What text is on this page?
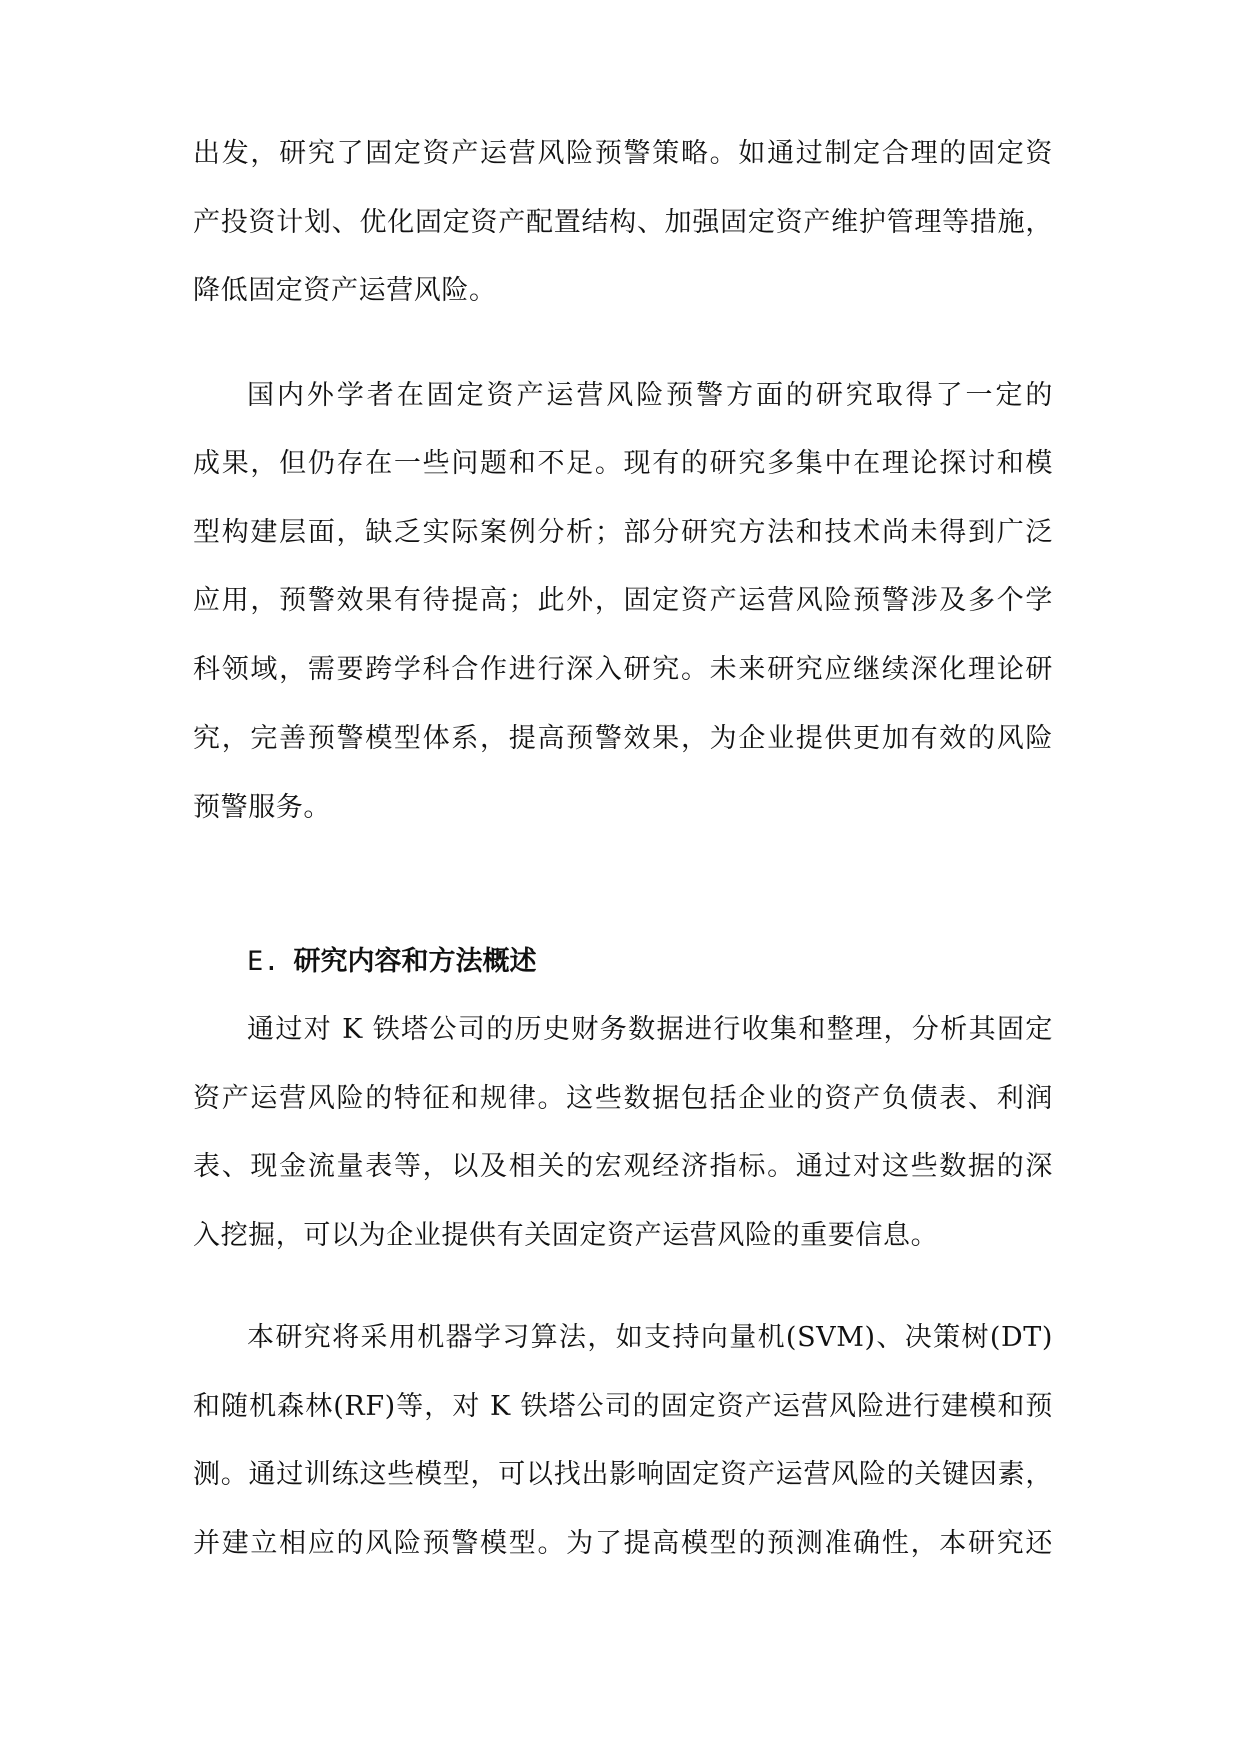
出发，研究了固定资产运营风险预警策略。如通过制定合理的固定资
产投资计划、优化固定资产配置结构、加强固定资产维护管理等措施，
降低固定资产运营风险。
国内外学者在固定资产运营风险预警方面的研究取得了一定的
成果，但仍存在一些问题和不足。现有的研究多集中在理论探讨和模
型构建层面，缺乏实际案例分析；部分研究方法和技术尚未得到广泛
应用，预警效果有待提高；此外，固定资产运营风险预警涉及多个学
科领域，需要跨学科合作进行深入研究。未来研究应继续深化理论研
究，完善预警模型体系，提高预警效果，为企业提供更加有效的风险
预警服务。
E. 研究内容和方法概述
通过对 K 铁塔公司的历史财务数据进行收集和整理，分析其固定
资产运营风险的特征和规律。这些数据包括企业的资产负债表、利润
表、现金流量表等，以及相关的宏观经济指标。通过对这些数据的深
入挖掘，可以为企业提供有关固定资产运营风险的重要信息。
本研究将采用机器学习算法，如支持向量机(SVM)、决策树(DT)
和随机森林(RF)等，对 K 铁塔公司的固定资产运营风险进行建模和预
测。通过训练这些模型，可以找出影响固定资产运营风险的关键因素，
并建立相应的风险预警模型。为了提高模型的预测准确性，本研究还
